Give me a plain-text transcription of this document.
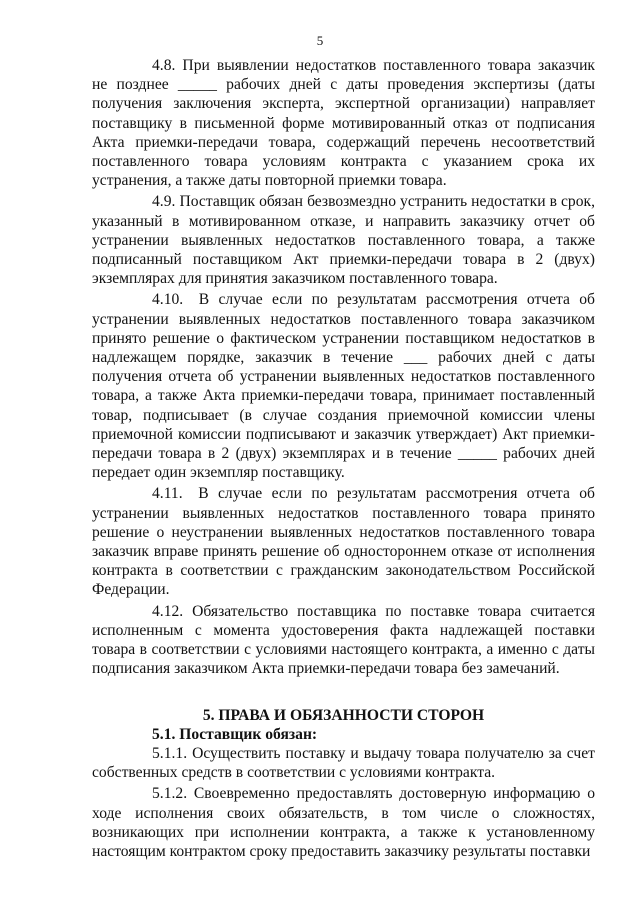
5

4.8. При выявлении недостатков поставленного товара заказчик не позднее _____ рабочих дней с даты проведения экспертизы (даты получения заключения эксперта, экспертной организации) направляет поставщику в письменной форме мотивированный отказ от подписания Акта приемки-передачи товара, содержащий перечень несоответствий поставленного товара условиям контракта с указанием срока их устранения, а также даты повторной приемки товара.

4.9. Поставщик обязан безвозмездно устранить недостатки в срок, указанный в мотивированном отказе, и направить заказчику отчет об устранении выявленных недостатков поставленного товара, а также подписанный поставщиком Акт приемки-передачи товара в 2 (двух) экземплярах для принятия заказчиком поставленного товара.

4.10. В случае если по результатам рассмотрения отчета об устранении выявленных недостатков поставленного товара заказчиком принято решение о фактическом устранении поставщиком недостатков в надлежащем порядке, заказчик в течение ___ рабочих дней с даты получения отчета об устранении выявленных недостатков поставленного товара, а также Акта приемки-передачи товара, принимает поставленный товар, подписывает (в случае создания приемочной комиссии члены приемочной комиссии подписывают и заказчик утверждает) Акт приемки-передачи товара в 2 (двух) экземплярах и в течение _____ рабочих дней передает один экземпляр поставщику.

4.11. В случае если по результатам рассмотрения отчета об устранении выявленных недостатков поставленного товара принято решение о неустранении выявленных недостатков поставленного товара заказчик вправе принять решение об одностороннем отказе от исполнения контракта в соответствии с гражданским законодательством Российской Федерации.

4.12. Обязательство поставщика по поставке товара считается исполненным с момента удостоверения факта надлежащей поставки товара в соответствии с условиями настоящего контракта, а именно с даты подписания заказчиком Акта приемки-передачи товара без замечаний.

5. ПРАВА И ОБЯЗАННОСТИ СТОРОН
5.1. Поставщик обязан:

5.1.1. Осуществить поставку и выдачу товара получателю за счет собственных средств в соответствии с условиями контракта.

5.1.2. Своевременно предоставлять достоверную информацию о ходе исполнения своих обязательств, в том числе о сложностях, возникающих при исполнении контракта, а также к установленному настоящим контрактом сроку предоставить заказчику результаты поставки
